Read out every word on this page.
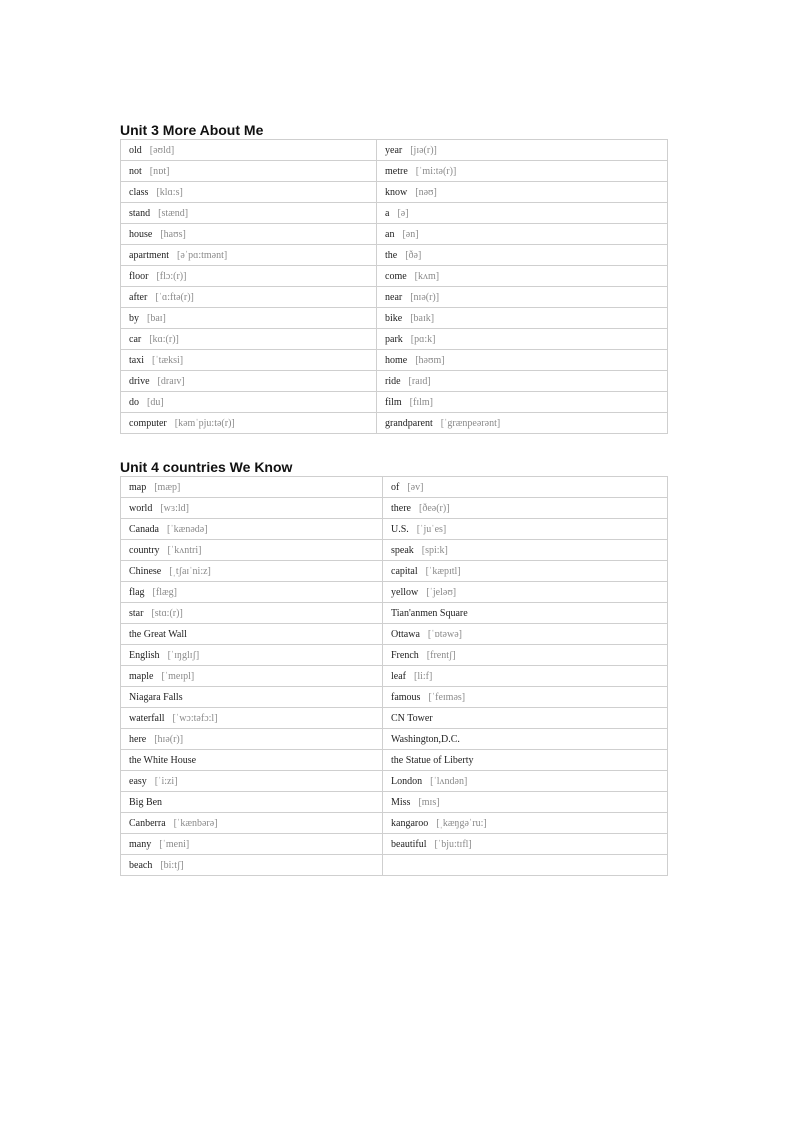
Unit 3 More About Me
old [əʊld]	year [jɪə(r)]
not [nɒt]	metre [ˈmi:tə(r)]
class [klɑ:s]	know [nəʊ]
stand [stænd]	a [ə]
house [haʊs]	an [ən]
apartment [əˈpɑ:tmənt]	the [ðə]
floor [flɔ:(r)]	come [kʌm]
after [ˈɑ:ftə(r)]	near [nɪə(r)]
by [baɪ]	bike [baɪk]
car [kɑ:(r)]	park [pɑ:k]
taxi [ˈtæksi]	home [həʊm]
drive [draɪv]	ride [raɪd]
do [du]	film [fɪlm]
computer [kəmˈpju:tə(r)]	grandparent [ˈgrænpeərənt]
Unit 4 countries We Know
map [mæp]	of [əv]
world [wɜ:ld]	there [ðeə(r)]
Canada [ˈkænədə]	U.S. [ˈjuˈes]
country [ˈkʌntri]	speak [spi:k]
Chinese [ˌtʃaɪˈni:z]	capital [ˈkæpɪtl]
flag [flæg]	yellow [ˈjeləʊ]
star [stɑ:(r)]	Tian'anmen Square
the Great Wall	Ottawa [ˈɒtəwə]
English [ˈɪŋglɪʃ]	French [frentʃ]
maple [ˈmeɪpl]	leaf [li:f]
Niagara Falls	famous [ˈfeɪməs]
waterfall [ˈwɔ:təfɔ:l]	CN Tower
here [hɪə(r)]	Washington,D.C.
the White House	the Statue of Liberty
easy [ˈi:zi]	London [ˈlʌndən]
Big Ben	Miss [mɪs]
Canberra [ˈkænbərə]	kangaroo [ˌkæŋgəˈru:]
many [ˈmeni]	beautiful [ˈbju:tɪfl]
beach [bi:tʃ]	
